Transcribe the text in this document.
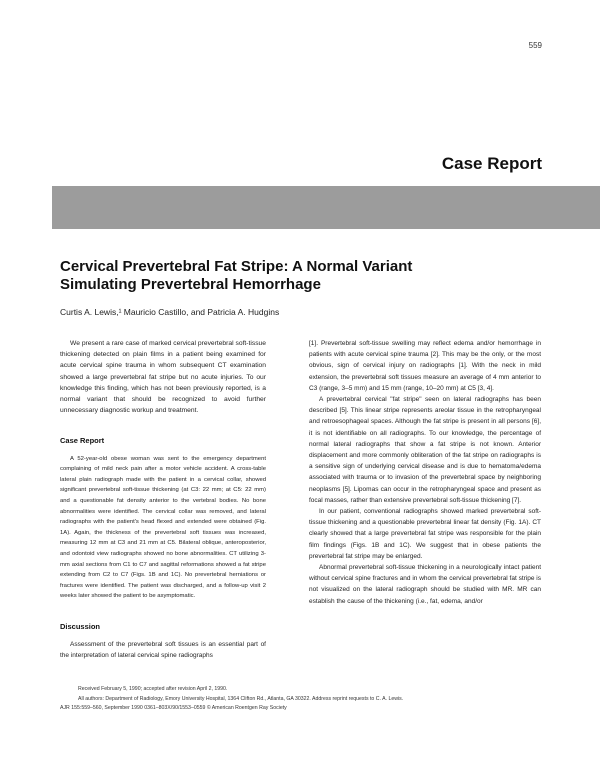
559
Case Report
Cervical Prevertebral Fat Stripe: A Normal Variant Simulating Prevertebral Hemorrhage
Curtis A. Lewis,¹ Mauricio Castillo, and Patricia A. Hudgins

We present a rare case of marked cervical prevertebral soft-tissue thickening detected on plain films in a patient being examined for acute cervical spine trauma in whom subsequent CT examination showed a large prevertebral fat stripe but no acute injuries. To our knowledge this finding, which has not been previously reported, is a normal variant that should be recognized to avoid further unnecessary diagnostic workup and treatment.

Case Report

A 52-year-old obese woman was sent to the emergency department complaining of mild neck pain after a motor vehicle accident. A cross-table lateral plain radiograph made with the patient in a cervical collar, showed significant prevertebral soft-tissue thickening (at C3: 22 mm; at C5: 22 mm) and a questionable fat density anterior to the vertebral bodies. No bone abnormalities were identified. The cervical collar was removed, and lateral radiographs with the patient's head flexed and extended were obtained (Fig. 1A). Again, the thickness of the prevertebral soft tissues was increased, measuring 12 mm at C3 and 21 mm at C5. Bilateral oblique, anteroposterior, and odontoid view radiographs showed no bone abnormalities. CT utilizing 3-mm axial sections from C1 to C7 and sagittal reformations showed a fat stripe extending from C2 to C7 (Figs. 1B and 1C). No prevertebral herniations or fractures were identified. The patient was discharged, and a follow-up visit 2 weeks later showed the patient to be asymptomatic.

Discussion

Assessment of the prevertebral soft tissues is an essential part of the interpretation of lateral cervical spine radiographs

[1]. Prevertebral soft-tissue swelling may reflect edema and/or hemorrhage in patients with acute cervical spine trauma [2]. This may be the only, or the most obvious, sign of cervical injury on radiographs [1]. With the neck in mild extension, the prevertebral soft tissues measure an average of 4 mm anterior to C3 (range, 3–5 mm) and 15 mm (range, 10–20 mm) at C5 [3, 4].

A prevertebral cervical "fat stripe" seen on lateral radiographs has been described [5]. This linear stripe represents areolar tissue in the retropharyngeal and retroesophageal spaces. Although the fat stripe is present in all persons [6], it is not identifiable on all radiographs. To our knowledge, the percentage of normal lateral radiographs that show a fat stripe is not known. Anterior displacement and more commonly obliteration of the fat stripe on radiographs is a sensitive sign of underlying cervical disease and is due to hematoma/edema associated with trauma or to invasion of the prevertebral space by neighboring neoplasms [5]. Lipomas can occur in the retropharyngeal space and present as focal masses, rather than extensive prevertebral soft-tissue thickening [7].

In our patient, conventional radiographs showed marked prevertebral soft-tissue thickening and a questionable prevertebral linear fat density (Fig. 1A). CT clearly showed that a large prevertebral fat stripe was responsible for the plain film findings (Figs. 1B and 1C). We suggest that in obese patients the prevertebral fat stripe may be enlarged.

Abnormal prevertebral soft-tissue thickening in a neurologically intact patient without cervical spine fractures and in whom the cervical prevertebral fat stripe is not visualized on the lateral radiograph should be studied with MR. MR can establish the cause of the thickening (i.e., fat, edema, and/or

Received February 5, 1990; accepted after revision April 2, 1990.

All authors: Department of Radiology, Emory University Hospital, 1364 Clifton Rd., Atlanta, GA 30322. Address reprint requests to C. A. Lewis.

AJR 155:559–560, September 1990 0361–803X/90/1553–0559 © American Roentgen Ray Society
